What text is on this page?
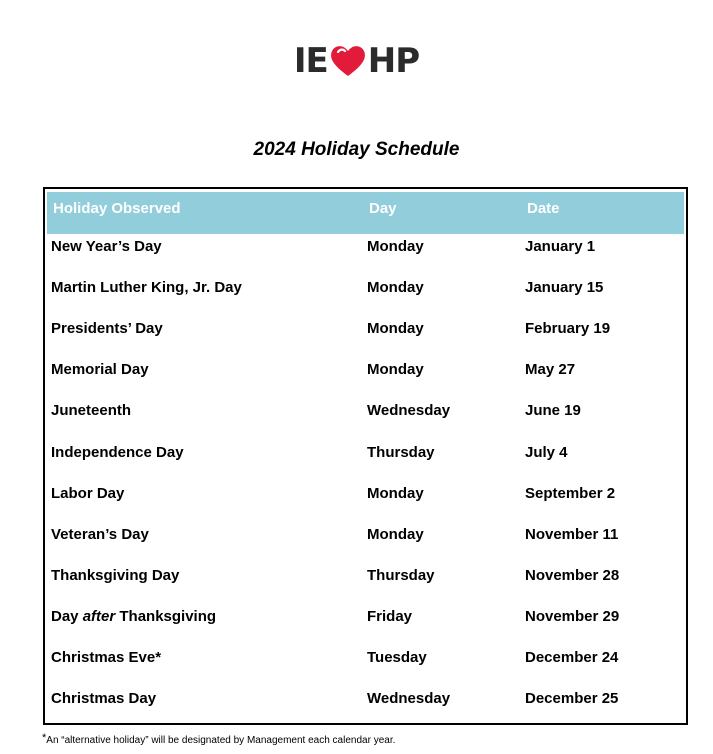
IE HP
2024 Holiday Schedule
Holiday Observed	Day	Date
New Year’s Day	Monday	January 1
Martin Luther King, Jr. Day	Monday	January 15
Presidents’ Day	Monday	February 19
Memorial Day	Monday	May 27
Juneteenth	Wednesday	June 19
Independence Day	Thursday	July 4
Labor Day	Monday	September 2
Veteran’s Day	Monday	November 11
Thanksgiving Day	Thursday	November 28
Day after Thanksgiving	Friday	November 29
Christmas Eve*	Tuesday	December 24
Christmas Day	Wednesday	December 25
*An “alternative holiday” will be designated by Management each calendar year.
